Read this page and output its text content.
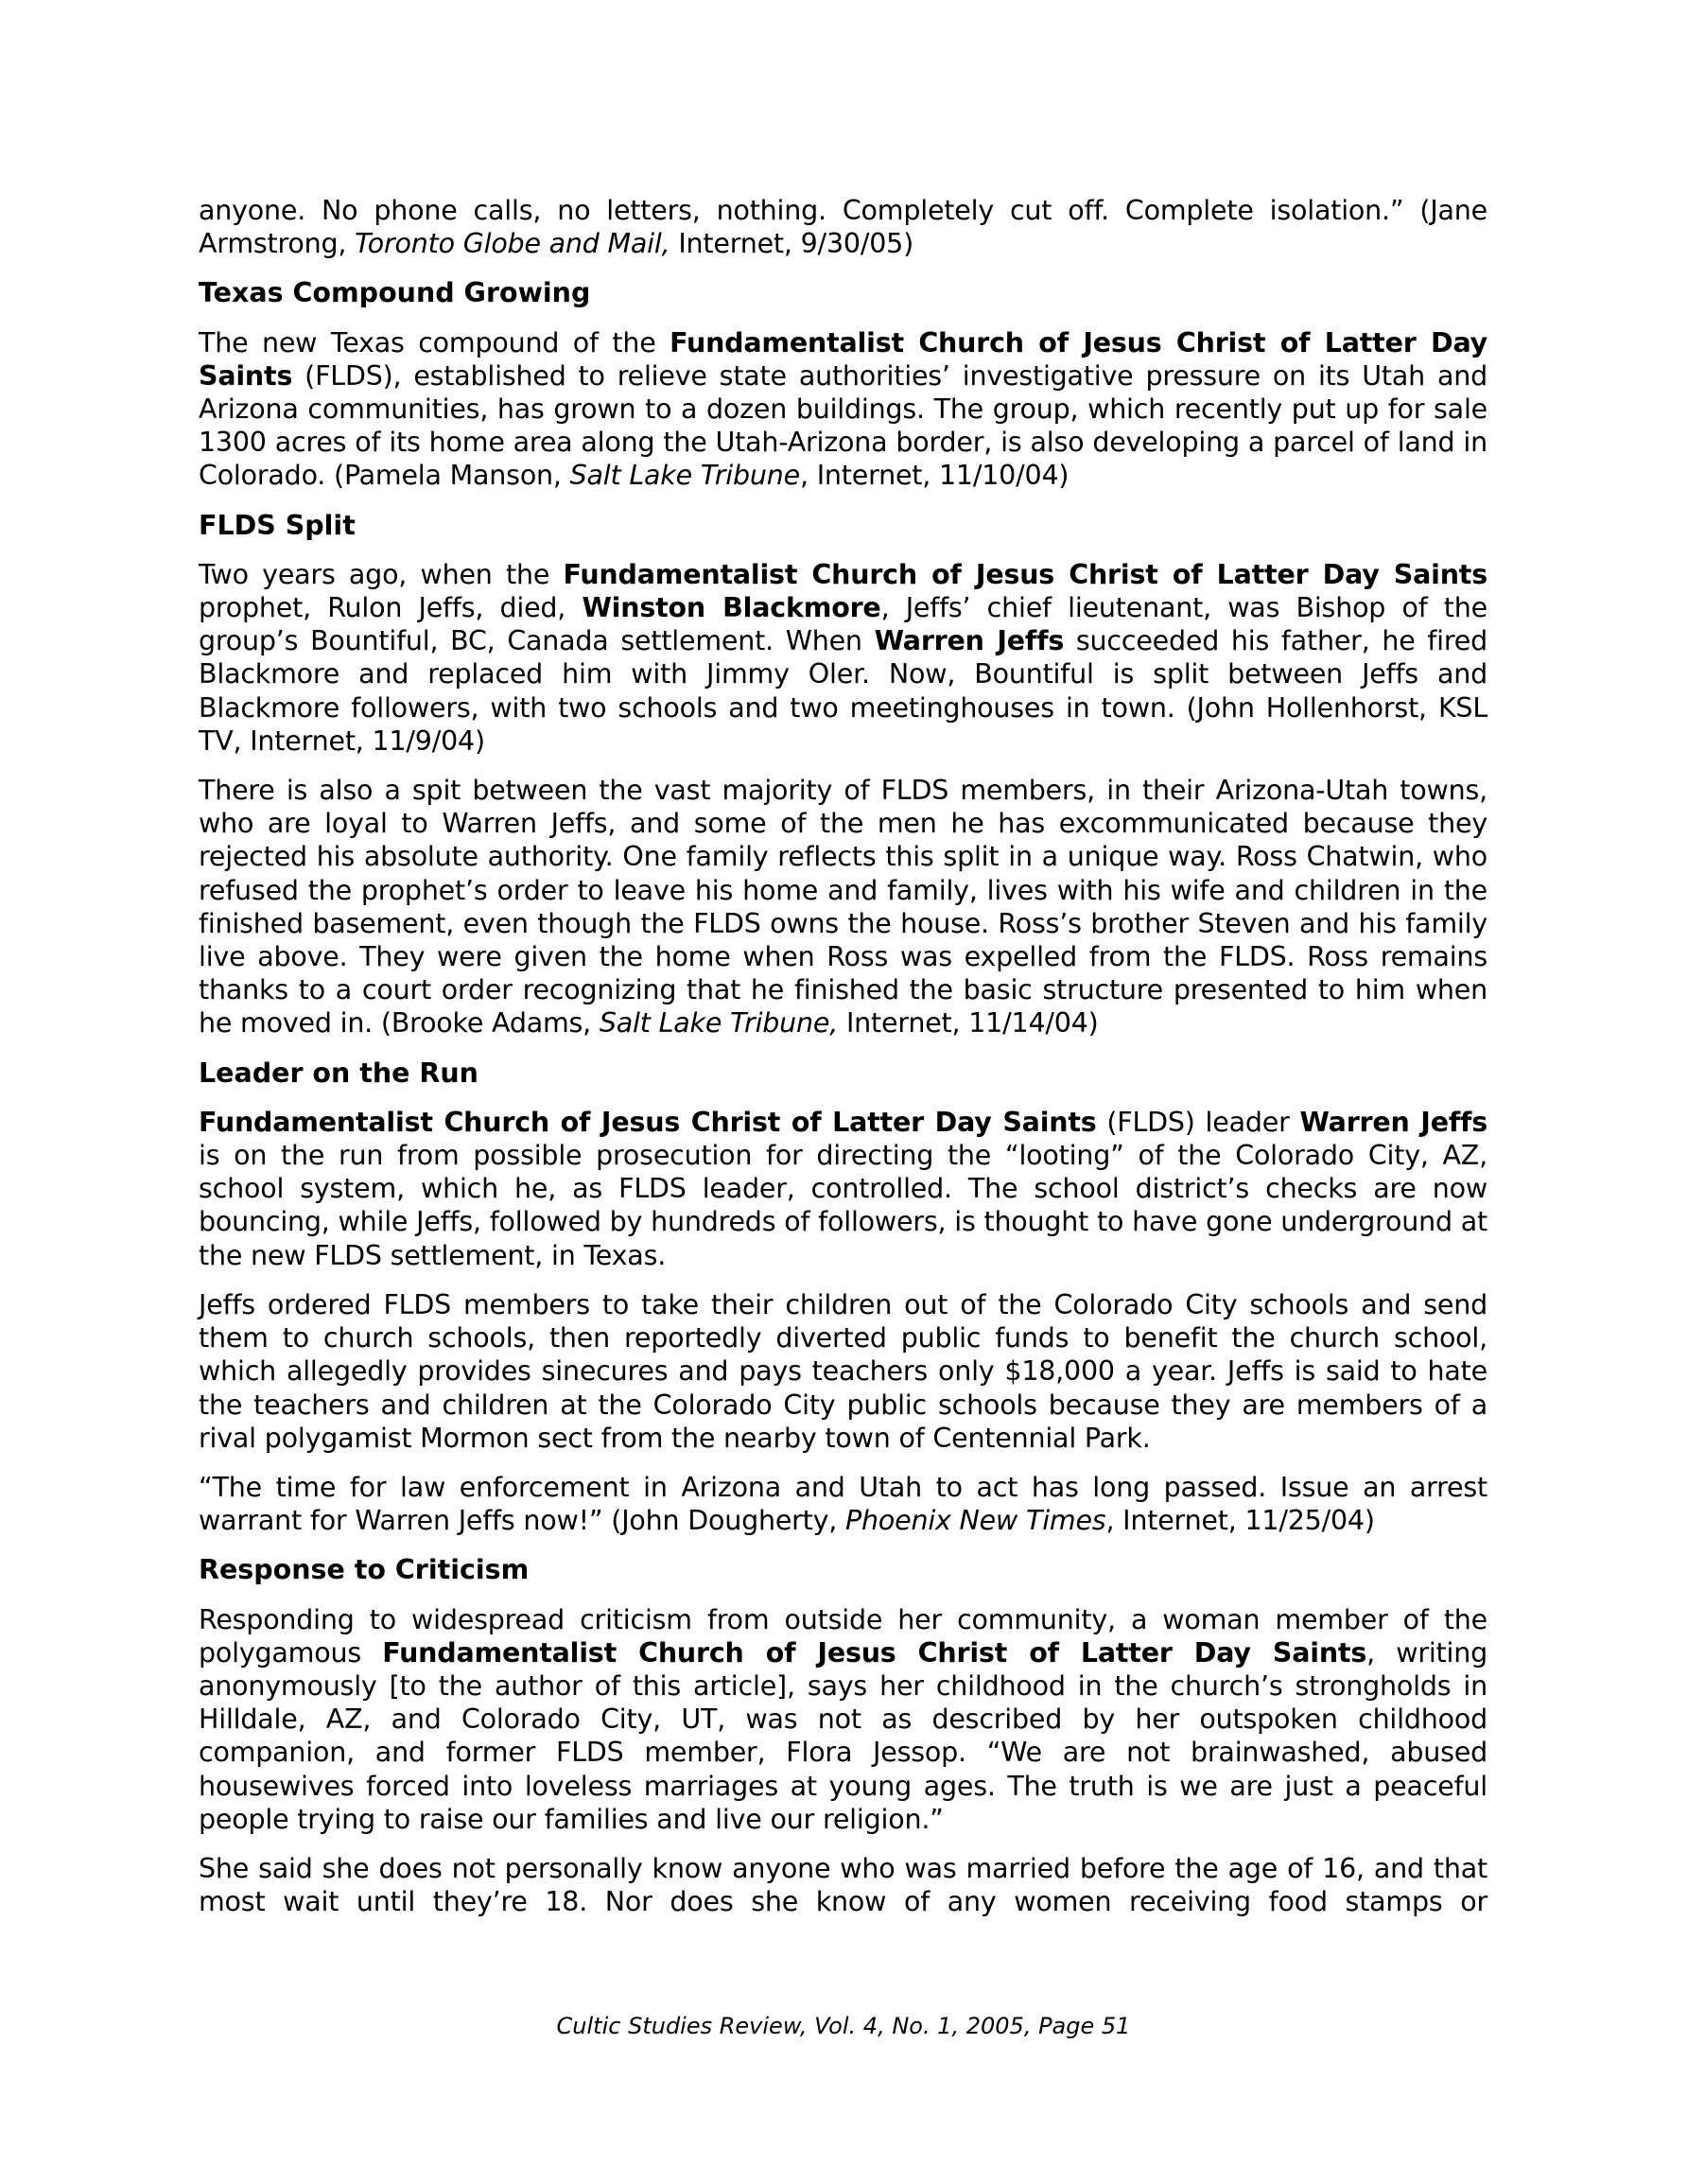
anyone. No phone calls, no letters, nothing. Completely cut off. Complete isolation.” (Jane Armstrong, Toronto Globe and Mail, Internet, 9/30/05)

Texas Compound Growing

The new Texas compound of the Fundamentalist Church of Jesus Christ of Latter Day Saints (FLDS), established to relieve state authorities’ investigative pressure on its Utah and Arizona communities, has grown to a dozen buildings. The group, which recently put up for sale 1300 acres of its home area along the Utah-Arizona border, is also developing a parcel of land in Colorado. (Pamela Manson, Salt Lake Tribune, Internet, 11/10/04)

FLDS Split

Two years ago, when the Fundamentalist Church of Jesus Christ of Latter Day Saints prophet, Rulon Jeffs, died, Winston Blackmore, Jeffs’ chief lieutenant, was Bishop of the group’s Bountiful, BC, Canada settlement. When Warren Jeffs succeeded his father, he fired Blackmore and replaced him with Jimmy Oler. Now, Bountiful is split between Jeffs and Blackmore followers, with two schools and two meetinghouses in town. (John Hollenhorst, KSL TV, Internet, 11/9/04)

There is also a spit between the vast majority of FLDS members, in their Arizona-Utah towns, who are loyal to Warren Jeffs, and some of the men he has excommunicated because they rejected his absolute authority. One family reflects this split in a unique way. Ross Chatwin, who refused the prophet’s order to leave his home and family, lives with his wife and children in the finished basement, even though the FLDS owns the house. Ross’s brother Steven and his family live above. They were given the home when Ross was expelled from the FLDS. Ross remains thanks to a court order recognizing that he finished the basic structure presented to him when he moved in. (Brooke Adams, Salt Lake Tribune, Internet, 11/14/04)

Leader on the Run

Fundamentalist Church of Jesus Christ of Latter Day Saints (FLDS) leader Warren Jeffs is on the run from possible prosecution for directing the “looting” of the Colorado City, AZ, school system, which he, as FLDS leader, controlled. The school district’s checks are now bouncing, while Jeffs, followed by hundreds of followers, is thought to have gone underground at the new FLDS settlement, in Texas.

Jeffs ordered FLDS members to take their children out of the Colorado City schools and send them to church schools, then reportedly diverted public funds to benefit the church school, which allegedly provides sinecures and pays teachers only $18,000 a year. Jeffs is said to hate the teachers and children at the Colorado City public schools because they are members of a rival polygamist Mormon sect from the nearby town of Centennial Park.

“The time for law enforcement in Arizona and Utah to act has long passed. Issue an arrest warrant for Warren Jeffs now!” (John Dougherty, Phoenix New Times, Internet, 11/25/04)

Response to Criticism

Responding to widespread criticism from outside her community, a woman member of the polygamous Fundamentalist Church of Jesus Christ of Latter Day Saints, writing anonymously [to the author of this article], says her childhood in the church’s strongholds in Hilldale, AZ, and Colorado City, UT, was not as described by her outspoken childhood companion, and former FLDS member, Flora Jessop. “We are not brainwashed, abused housewives forced into loveless marriages at young ages. The truth is we are just a peaceful people trying to raise our families and live our religion.”

She said she does not personally know anyone who was married before the age of 16, and that most wait until they’re 18. Nor does she know of any women receiving food stamps or

Cultic Studies Review, Vol. 4, No. 1, 2005, Page 51
